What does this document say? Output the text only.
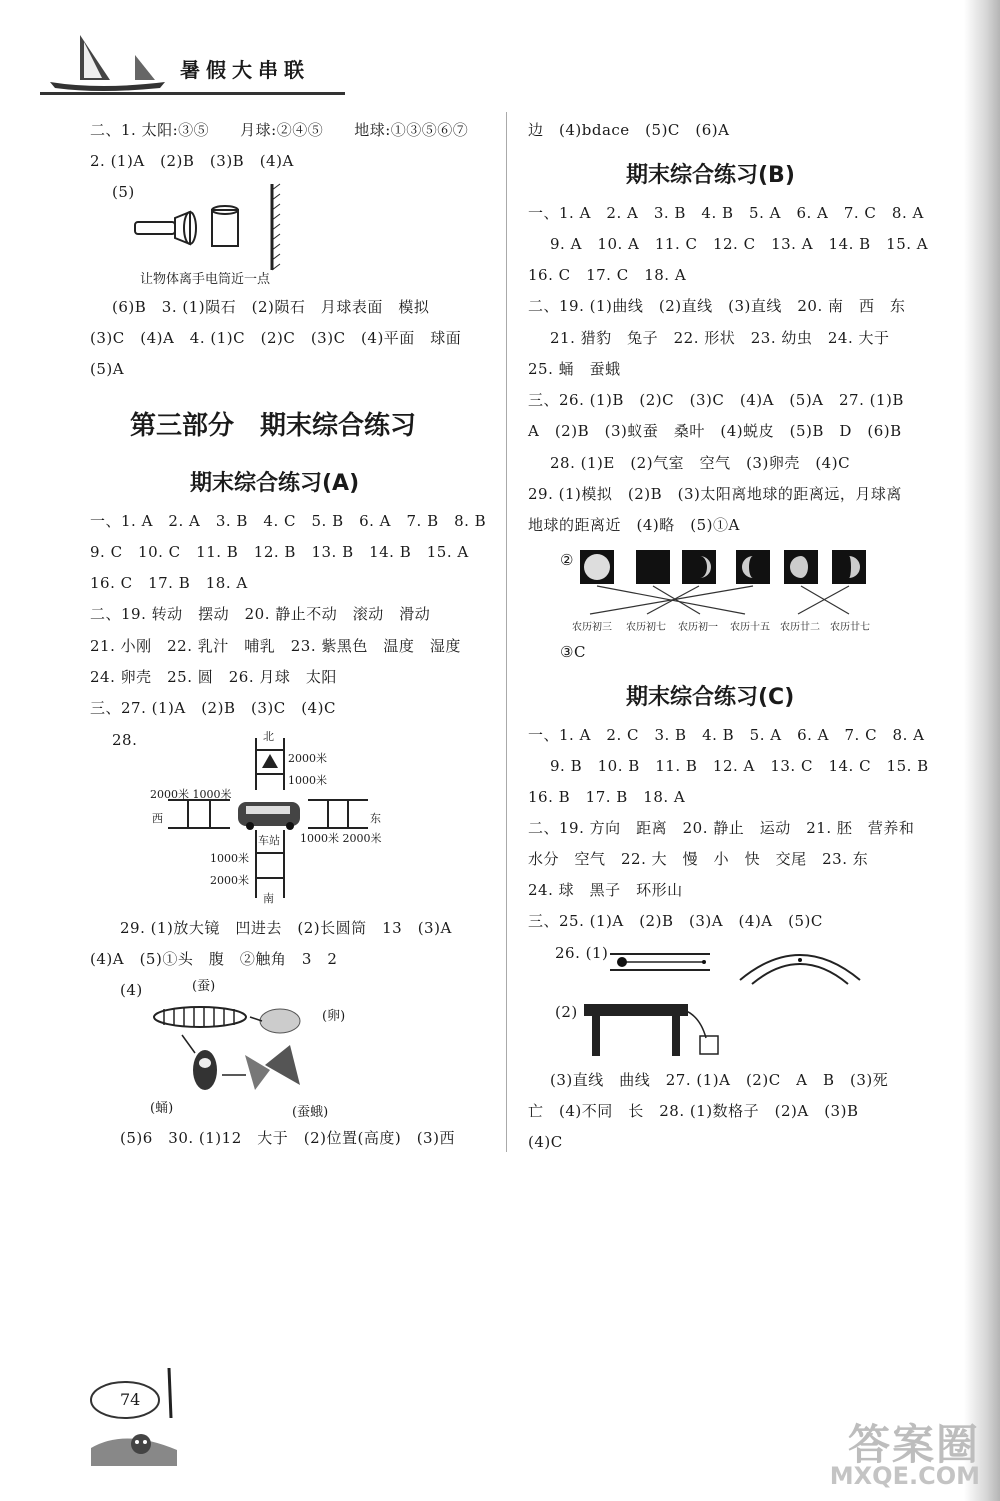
暑假大串联
二、1. 太阳:③⑤　　月球:②④⑤　　地球:①③⑤⑥⑦
2. (1)A　(2)B　(3)B　(4)A
(5)
让物体离手电筒近一点
(6)B　3. (1)陨石　(2)陨石　月球表面　模拟
(3)C　(4)A　4. (1)C　(2)C　(3)C　(4)平面　球面
(5)A
第三部分　期末综合练习
期末综合练习(A)
一、1. A　2. A　3. B　4. C　5. B　6. A　7. B　8. B
9. C　10. C　11. B　12. B　13. B　14. B　15. A
16. C　17. B　18. A
二、19. 转动　摆动　20. 静止不动　滚动　滑动
21. 小刚　22. 乳汁　哺乳　23. 紫黑色　温度　湿度
24. 卵壳　25. 圆　26. 月球　太阳
三、27. (1)A　(2)B　(3)C　(4)C
28.	北
2000米
1000米
2000米 1000米
西	东
1000米 2000米
车站
1000米
2000米
南
29. (1)放大镜　凹进去　(2)长圆筒　13　(3)A
(4)A　(5)①头　腹　②触角　3　2
(4)	(蚕)
(卵)
(蛹)	(蚕蛾)
(5)6　30. (1)12　大于　(2)位置(高度)　(3)西
边　(4)bdace　(5)C　(6)A
期末综合练习(B)
一、1. A　2. A　3. B　4. B　5. A　6. A　7. C　8. A
9. A　10. A　11. C　12. C　13. A　14. B　15. A
16. C　17. C　18. A
二、19. (1)曲线　(2)直线　(3)直线　20. 南　西　东
21. 猎豹　兔子　22. 形状　23. 幼虫　24. 大于
25. 蛹　蚕蛾
三、26. (1)B　(2)C　(3)C　(4)A　(5)A　27. (1)B
A　(2)B　(3)蚁蚕　桑叶　(4)蜕皮　(5)B　D　(6)B
28. (1)E　(2)气室　空气　(3)卵壳　(4)C
29. (1)模拟　(2)B　(3)太阳离地球的距离远，月球离
地球的距离近　(4)略　(5)①A
②
农历初三 农历初七 农历初一 农历十五 农历廿二 农历廿七
③C
期末综合练习(C)
一、1. A　2. C　3. B　4. B　5. A　6. A　7. C　8. A
9. B　10. B　11. B　12. A　13. C　14. C　15. B
16. B　17. B　18. A
二、19. 方向　距离　20. 静止　运动　21. 胚　营养和
水分　空气　22. 大　慢　小　快　交尾　23. 东
24. 球　黑子　环形山
三、25. (1)A　(2)B　(3)A　(4)A　(5)C
26. (1)
(2)
(3)直线　曲线　27. (1)A　(2)C　A　B　(3)死
亡　(4)不同　长　28. (1)数格子　(2)A　(3)B
(4)C
74
答案圈
MXQE.COM
